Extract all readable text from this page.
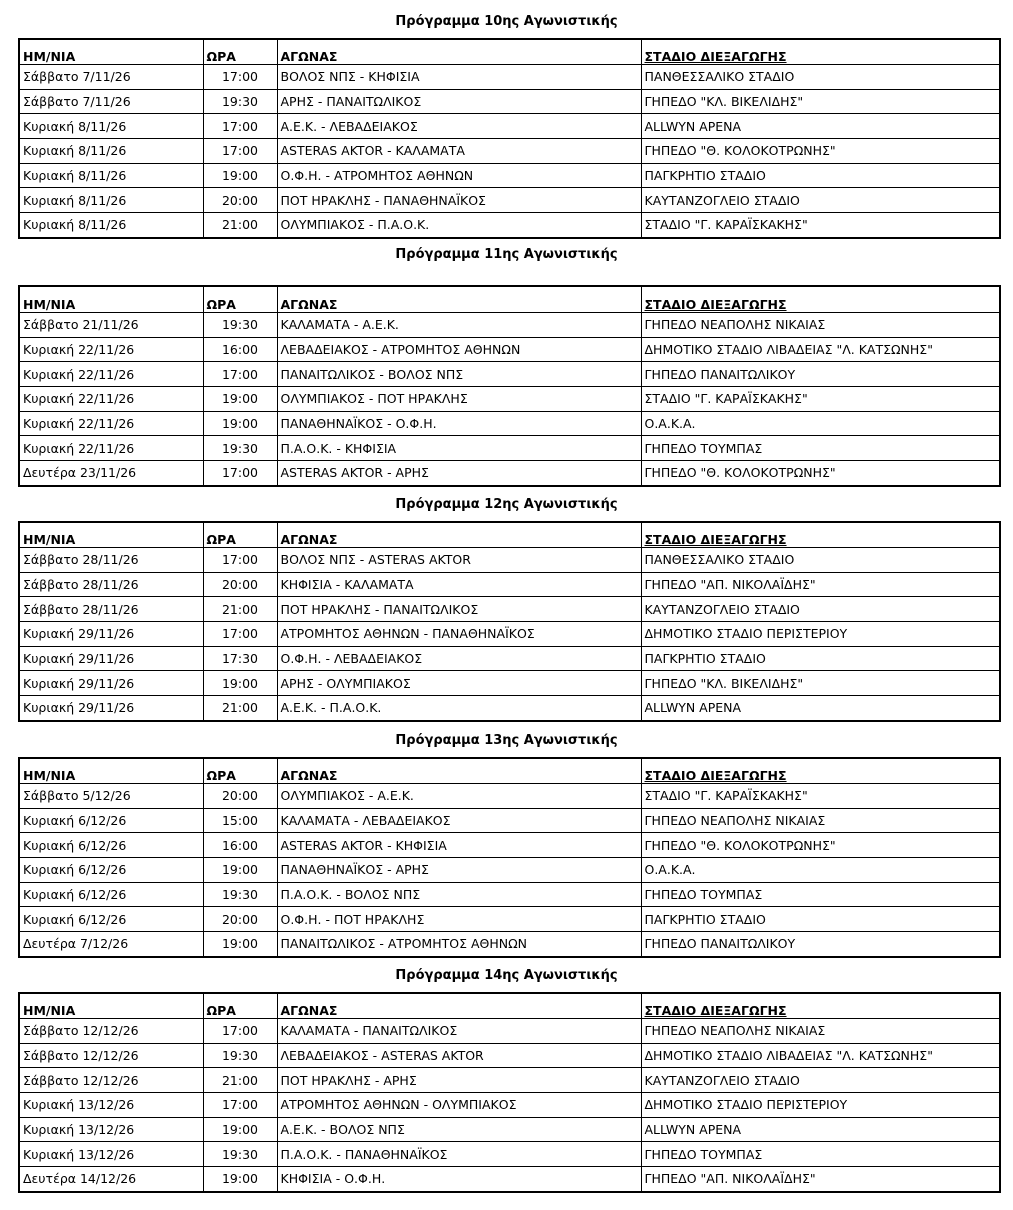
Πρόγραμμα 10ης Αγωνιστικής
ΗΜ/ΝΙΑ	ΩΡΑ	ΑΓΩΝΑΣ	ΣΤΑΔΙΟ ΔΙΕΞΑΓΩΓΗΣ
Σάββατο 7/11/26	17:00	ΒΟΛΟΣ ΝΠΣ - ΚΗΦΙΣΙΑ	ΠΑΝΘΕΣΣΑΛΙΚΟ ΣΤΑΔΙΟ
Σάββατο 7/11/26	19:30	ΑΡΗΣ - ΠΑΝΑΙΤΩΛΙΚΟΣ	ΓΗΠΕΔΟ "ΚΛ. ΒΙΚΕΛΙΔΗΣ"
Κυριακή 8/11/26	17:00	Α.Ε.Κ. - ΛΕΒΑΔΕΙΑΚΟΣ	ALLWYN ΑΡΕΝΑ
Κυριακή 8/11/26	17:00	ASTERAS AKTOR - ΚΑΛΑΜΑΤΑ	ΓΗΠΕΔΟ "Θ. ΚΟΛΟΚΟΤΡΩΝΗΣ"
Κυριακή 8/11/26	19:00	Ο.Φ.Η. - ΑΤΡΟΜΗΤΟΣ ΑΘΗΝΩΝ	ΠΑΓΚΡΗΤΙΟ ΣΤΑΔΙΟ
Κυριακή 8/11/26	20:00	ΠΟΤ ΗΡΑΚΛΗΣ - ΠΑΝΑΘΗΝΑΪΚΟΣ	ΚΑΥΤΑΝΖΟΓΛΕΙΟ ΣΤΑΔΙΟ
Κυριακή 8/11/26	21:00	ΟΛΥΜΠΙΑΚΟΣ - Π.Α.Ο.Κ.	ΣΤΑΔΙΟ "Γ. ΚΑΡΑΪΣΚΑΚΗΣ"
Πρόγραμμα 11ης Αγωνιστικής
ΗΜ/ΝΙΑ	ΩΡΑ	ΑΓΩΝΑΣ	ΣΤΑΔΙΟ ΔΙΕΞΑΓΩΓΗΣ
Σάββατο 21/11/26	19:30	ΚΑΛΑΜΑΤΑ - Α.Ε.Κ.	ΓΗΠΕΔΟ ΝΕΑΠΟΛΗΣ ΝΙΚΑΙΑΣ
Κυριακή 22/11/26	16:00	ΛΕΒΑΔΕΙΑΚΟΣ - ΑΤΡΟΜΗΤΟΣ ΑΘΗΝΩΝ	ΔΗΜΟΤΙΚΟ ΣΤΑΔΙΟ ΛΙΒΑΔΕΙΑΣ "Λ. ΚΑΤΣΩΝΗΣ"
Κυριακή 22/11/26	17:00	ΠΑΝΑΙΤΩΛΙΚΟΣ - ΒΟΛΟΣ ΝΠΣ	ΓΗΠΕΔΟ ΠΑΝΑΙΤΩΛΙΚΟΥ
Κυριακή 22/11/26	19:00	ΟΛΥΜΠΙΑΚΟΣ - ΠΟΤ ΗΡΑΚΛΗΣ	ΣΤΑΔΙΟ "Γ. ΚΑΡΑΪΣΚΑΚΗΣ"
Κυριακή 22/11/26	19:00	ΠΑΝΑΘΗΝΑΪΚΟΣ - Ο.Φ.Η.	Ο.Α.Κ.Α.
Κυριακή 22/11/26	19:30	Π.Α.Ο.Κ. - ΚΗΦΙΣΙΑ	ΓΗΠΕΔΟ ΤΟΥΜΠΑΣ
Δευτέρα 23/11/26	17:00	ASTERAS AKTOR - ΑΡΗΣ	ΓΗΠΕΔΟ "Θ. ΚΟΛΟΚΟΤΡΩΝΗΣ"
Πρόγραμμα 12ης Αγωνιστικής
ΗΜ/ΝΙΑ	ΩΡΑ	ΑΓΩΝΑΣ	ΣΤΑΔΙΟ ΔΙΕΞΑΓΩΓΗΣ
Σάββατο 28/11/26	17:00	ΒΟΛΟΣ ΝΠΣ - ASTERAS AKTOR	ΠΑΝΘΕΣΣΑΛΙΚΟ ΣΤΑΔΙΟ
Σάββατο 28/11/26	20:00	ΚΗΦΙΣΙΑ - ΚΑΛΑΜΑΤΑ	ΓΗΠΕΔΟ "ΑΠ. ΝΙΚΟΛΑΪΔΗΣ"
Σάββατο 28/11/26	21:00	ΠΟΤ ΗΡΑΚΛΗΣ - ΠΑΝΑΙΤΩΛΙΚΟΣ	ΚΑΥΤΑΝΖΟΓΛΕΙΟ ΣΤΑΔΙΟ
Κυριακή 29/11/26	17:00	ΑΤΡΟΜΗΤΟΣ ΑΘΗΝΩΝ - ΠΑΝΑΘΗΝΑΪΚΟΣ	ΔΗΜΟΤΙΚΟ ΣΤΑΔΙΟ ΠΕΡΙΣΤΕΡΙΟΥ
Κυριακή 29/11/26	17:30	Ο.Φ.Η. - ΛΕΒΑΔΕΙΑΚΟΣ	ΠΑΓΚΡΗΤΙΟ ΣΤΑΔΙΟ
Κυριακή 29/11/26	19:00	ΑΡΗΣ - ΟΛΥΜΠΙΑΚΟΣ	ΓΗΠΕΔΟ "ΚΛ. ΒΙΚΕΛΙΔΗΣ"
Κυριακή 29/11/26	21:00	Α.Ε.Κ. - Π.Α.Ο.Κ.	ALLWYN ΑΡΕΝΑ
Πρόγραμμα 13ης Αγωνιστικής
ΗΜ/ΝΙΑ	ΩΡΑ	ΑΓΩΝΑΣ	ΣΤΑΔΙΟ ΔΙΕΞΑΓΩΓΗΣ
Σάββατο 5/12/26	20:00	ΟΛΥΜΠΙΑΚΟΣ - Α.Ε.Κ.	ΣΤΑΔΙΟ "Γ. ΚΑΡΑΪΣΚΑΚΗΣ"
Κυριακή 6/12/26	15:00	ΚΑΛΑΜΑΤΑ - ΛΕΒΑΔΕΙΑΚΟΣ	ΓΗΠΕΔΟ ΝΕΑΠΟΛΗΣ ΝΙΚΑΙΑΣ
Κυριακή 6/12/26	16:00	ASTERAS AKTOR - ΚΗΦΙΣΙΑ	ΓΗΠΕΔΟ "Θ. ΚΟΛΟΚΟΤΡΩΝΗΣ"
Κυριακή 6/12/26	19:00	ΠΑΝΑΘΗΝΑΪΚΟΣ - ΑΡΗΣ	Ο.Α.Κ.Α.
Κυριακή 6/12/26	19:30	Π.Α.Ο.Κ. - ΒΟΛΟΣ ΝΠΣ	ΓΗΠΕΔΟ ΤΟΥΜΠΑΣ
Κυριακή 6/12/26	20:00	Ο.Φ.Η. - ΠΟΤ ΗΡΑΚΛΗΣ	ΠΑΓΚΡΗΤΙΟ ΣΤΑΔΙΟ
Δευτέρα 7/12/26	19:00	ΠΑΝΑΙΤΩΛΙΚΟΣ - ΑΤΡΟΜΗΤΟΣ ΑΘΗΝΩΝ	ΓΗΠΕΔΟ ΠΑΝΑΙΤΩΛΙΚΟΥ
Πρόγραμμα 14ης Αγωνιστικής
ΗΜ/ΝΙΑ	ΩΡΑ	ΑΓΩΝΑΣ	ΣΤΑΔΙΟ ΔΙΕΞΑΓΩΓΗΣ
Σάββατο 12/12/26	17:00	ΚΑΛΑΜΑΤΑ - ΠΑΝΑΙΤΩΛΙΚΟΣ	ΓΗΠΕΔΟ ΝΕΑΠΟΛΗΣ ΝΙΚΑΙΑΣ
Σάββατο 12/12/26	19:30	ΛΕΒΑΔΕΙΑΚΟΣ - ASTERAS AKTOR	ΔΗΜΟΤΙΚΟ ΣΤΑΔΙΟ ΛΙΒΑΔΕΙΑΣ "Λ. ΚΑΤΣΩΝΗΣ"
Σάββατο 12/12/26	21:00	ΠΟΤ ΗΡΑΚΛΗΣ - ΑΡΗΣ	ΚΑΥΤΑΝΖΟΓΛΕΙΟ ΣΤΑΔΙΟ
Κυριακή 13/12/26	17:00	ΑΤΡΟΜΗΤΟΣ ΑΘΗΝΩΝ - ΟΛΥΜΠΙΑΚΟΣ	ΔΗΜΟΤΙΚΟ ΣΤΑΔΙΟ ΠΕΡΙΣΤΕΡΙΟΥ
Κυριακή 13/12/26	19:00	Α.Ε.Κ. - ΒΟΛΟΣ ΝΠΣ	ALLWYN ΑΡΕΝΑ
Κυριακή 13/12/26	19:30	Π.Α.Ο.Κ. - ΠΑΝΑΘΗΝΑΪΚΟΣ	ΓΗΠΕΔΟ ΤΟΥΜΠΑΣ
Δευτέρα 14/12/26	19:00	ΚΗΦΙΣΙΑ - Ο.Φ.Η.	ΓΗΠΕΔΟ "ΑΠ. ΝΙΚΟΛΑΪΔΗΣ"
